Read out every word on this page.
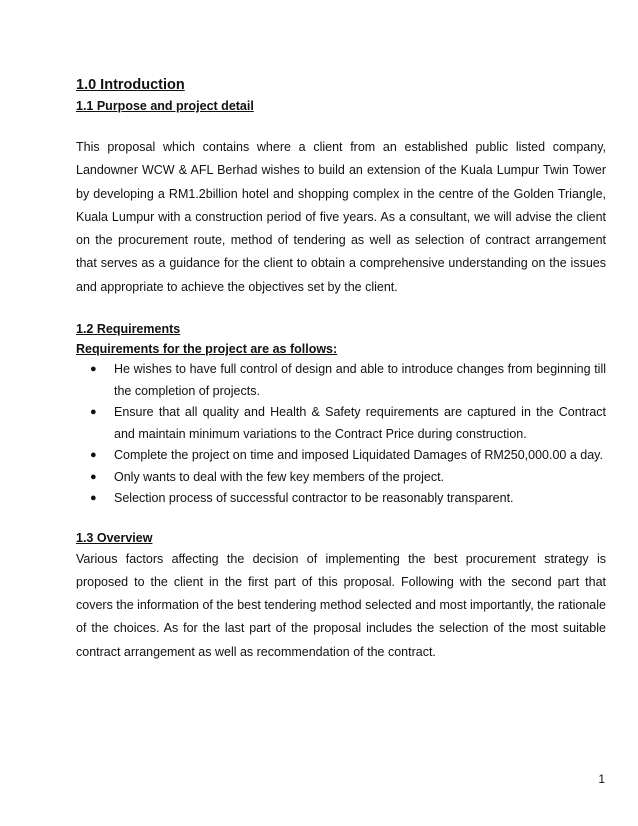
1.0 Introduction
1.1 Purpose and project detail

This proposal which contains where a client from an established public listed company, Landowner WCW & AFL Berhad wishes to build an extension of the Kuala Lumpur Twin Tower by developing a RM1.2billion hotel and shopping complex in the centre of the Golden Triangle, Kuala Lumpur with a construction period of five years. As a consultant, we will advise the client on the procurement route, method of tendering as well as selection of contract arrangement that serves as a guidance for the client to obtain a comprehensive understanding on the issues and appropriate to achieve the objectives set by the client.

1.2 Requirements
Requirements for the project are as follows:
● He wishes to have full control of design and able to introduce changes from beginning till the completion of projects.
● Ensure that all quality and Health & Safety requirements are captured in the Contract and maintain minimum variations to the Contract Price during construction.
● Complete the project on time and imposed Liquidated Damages of RM250,000.00 a day.
● Only wants to deal with the few key members of the project.
● Selection process of successful contractor to be reasonably transparent.
1.3 Overview

Various factors affecting the decision of implementing the best procurement strategy is proposed to the client in the first part of this proposal. Following with the second part that covers the information of the best tendering method selected and most importantly, the rationale of the choices. As for the last part of the proposal includes the selection of the most suitable contract arrangement as well as recommendation of the contract.

1
